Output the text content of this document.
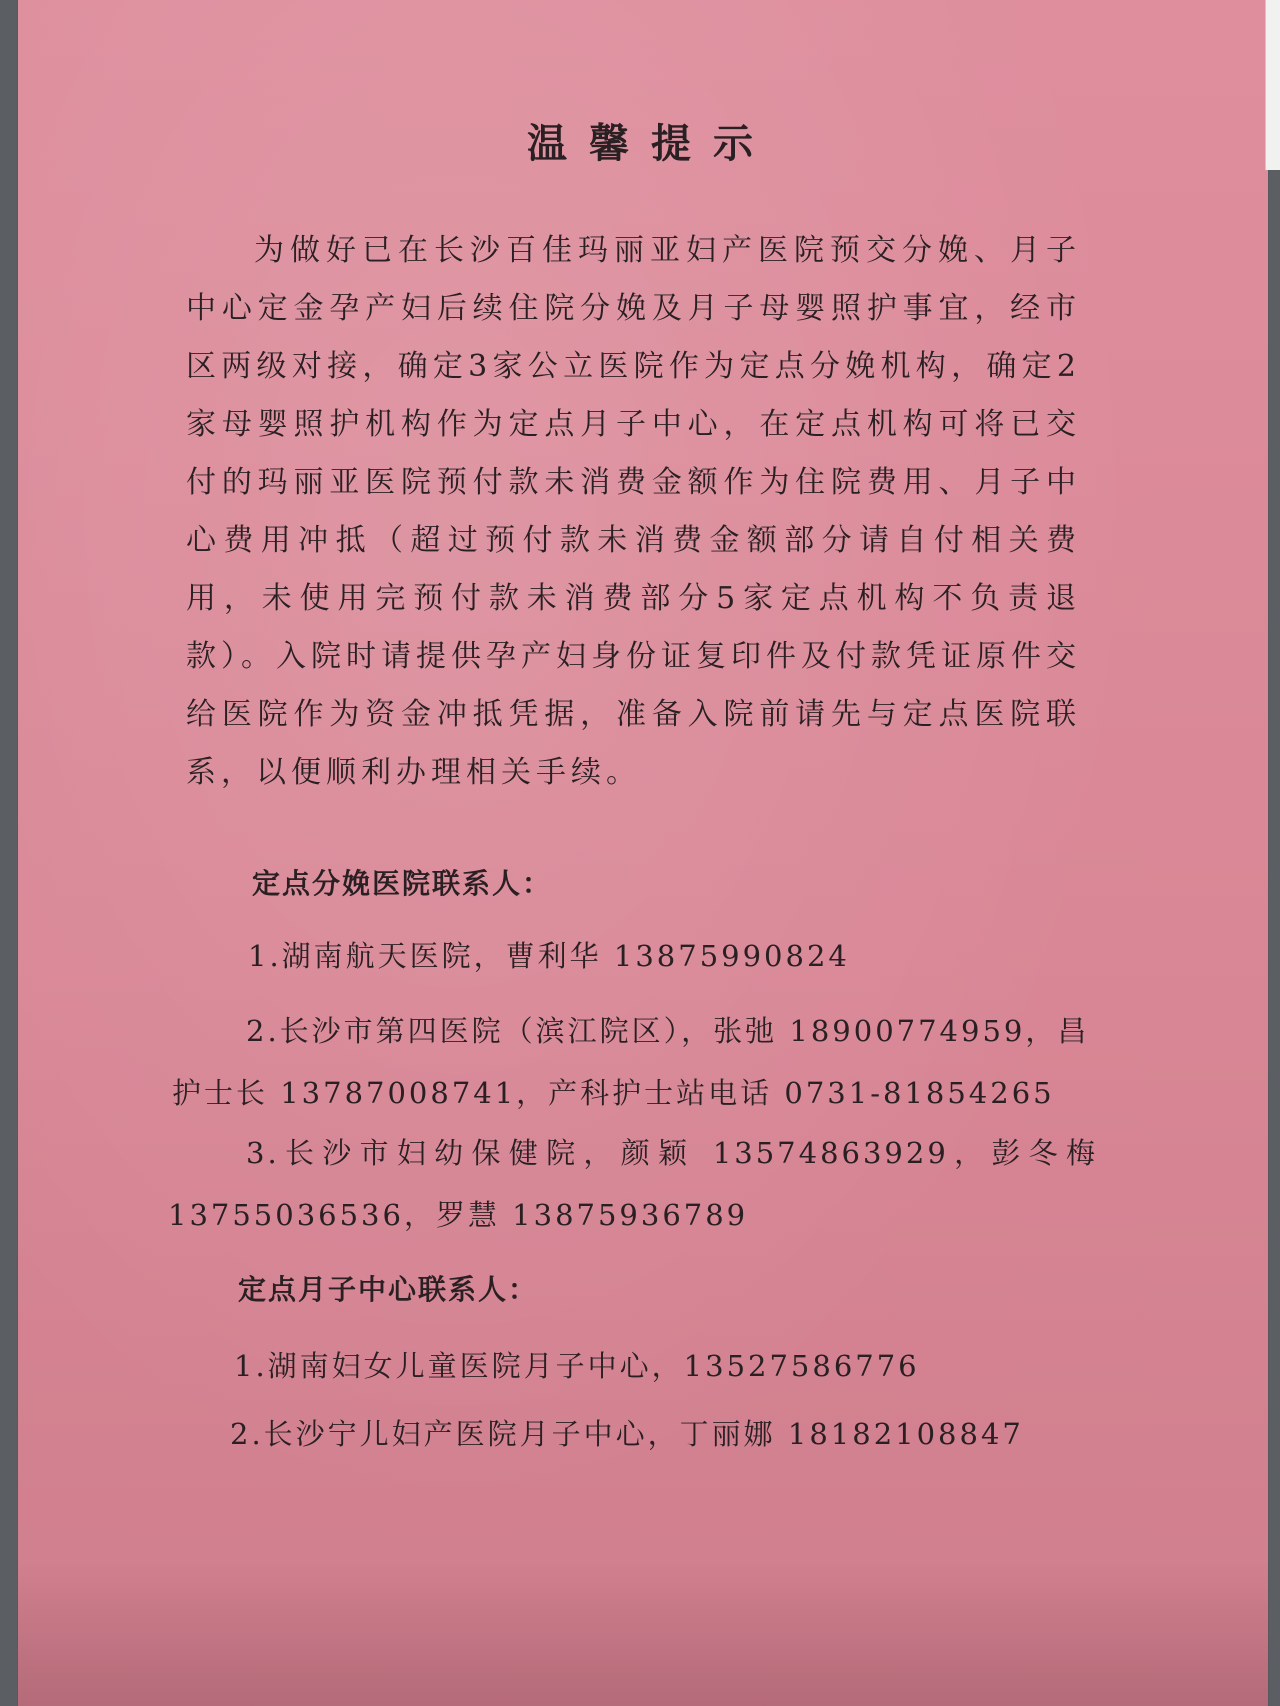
温馨提示

为做好已在长沙百佳玛丽亚妇产医院预交分娩、月子中心定金孕产妇后续住院分娩及月子母婴照护事宜，经市区两级对接，确定3家公立医院作为定点分娩机构，确定2家母婴照护机构作为定点月子中心，在定点机构可将已交付的玛丽亚医院预付款未消费金额作为住院费用、月子中心费用冲抵（超过预付款未消费金额部分请自付相关费用，未使用完预付款未消费部分5家定点机构不负责退款）。入院时请提供孕产妇身份证复印件及付款凭证原件交给医院作为资金冲抵凭据，准备入院前请先与定点医院联系，以便顺利办理相关手续。

定点分娩医院联系人：

1.湖南航天医院，曹利华 13875990824

2.长沙市第四医院（滨江院区），张弛 18900774959，昌护士长 13787008741，产科护士站电话 0731-81854265

3.长沙市妇幼保健院，颜颖 13574863929，彭冬梅 13755036536，罗慧 13875936789

定点月子中心联系人：

1.湖南妇女儿童医院月子中心，13527586776

2.长沙宁儿妇产医院月子中心，丁丽娜 18182108847
